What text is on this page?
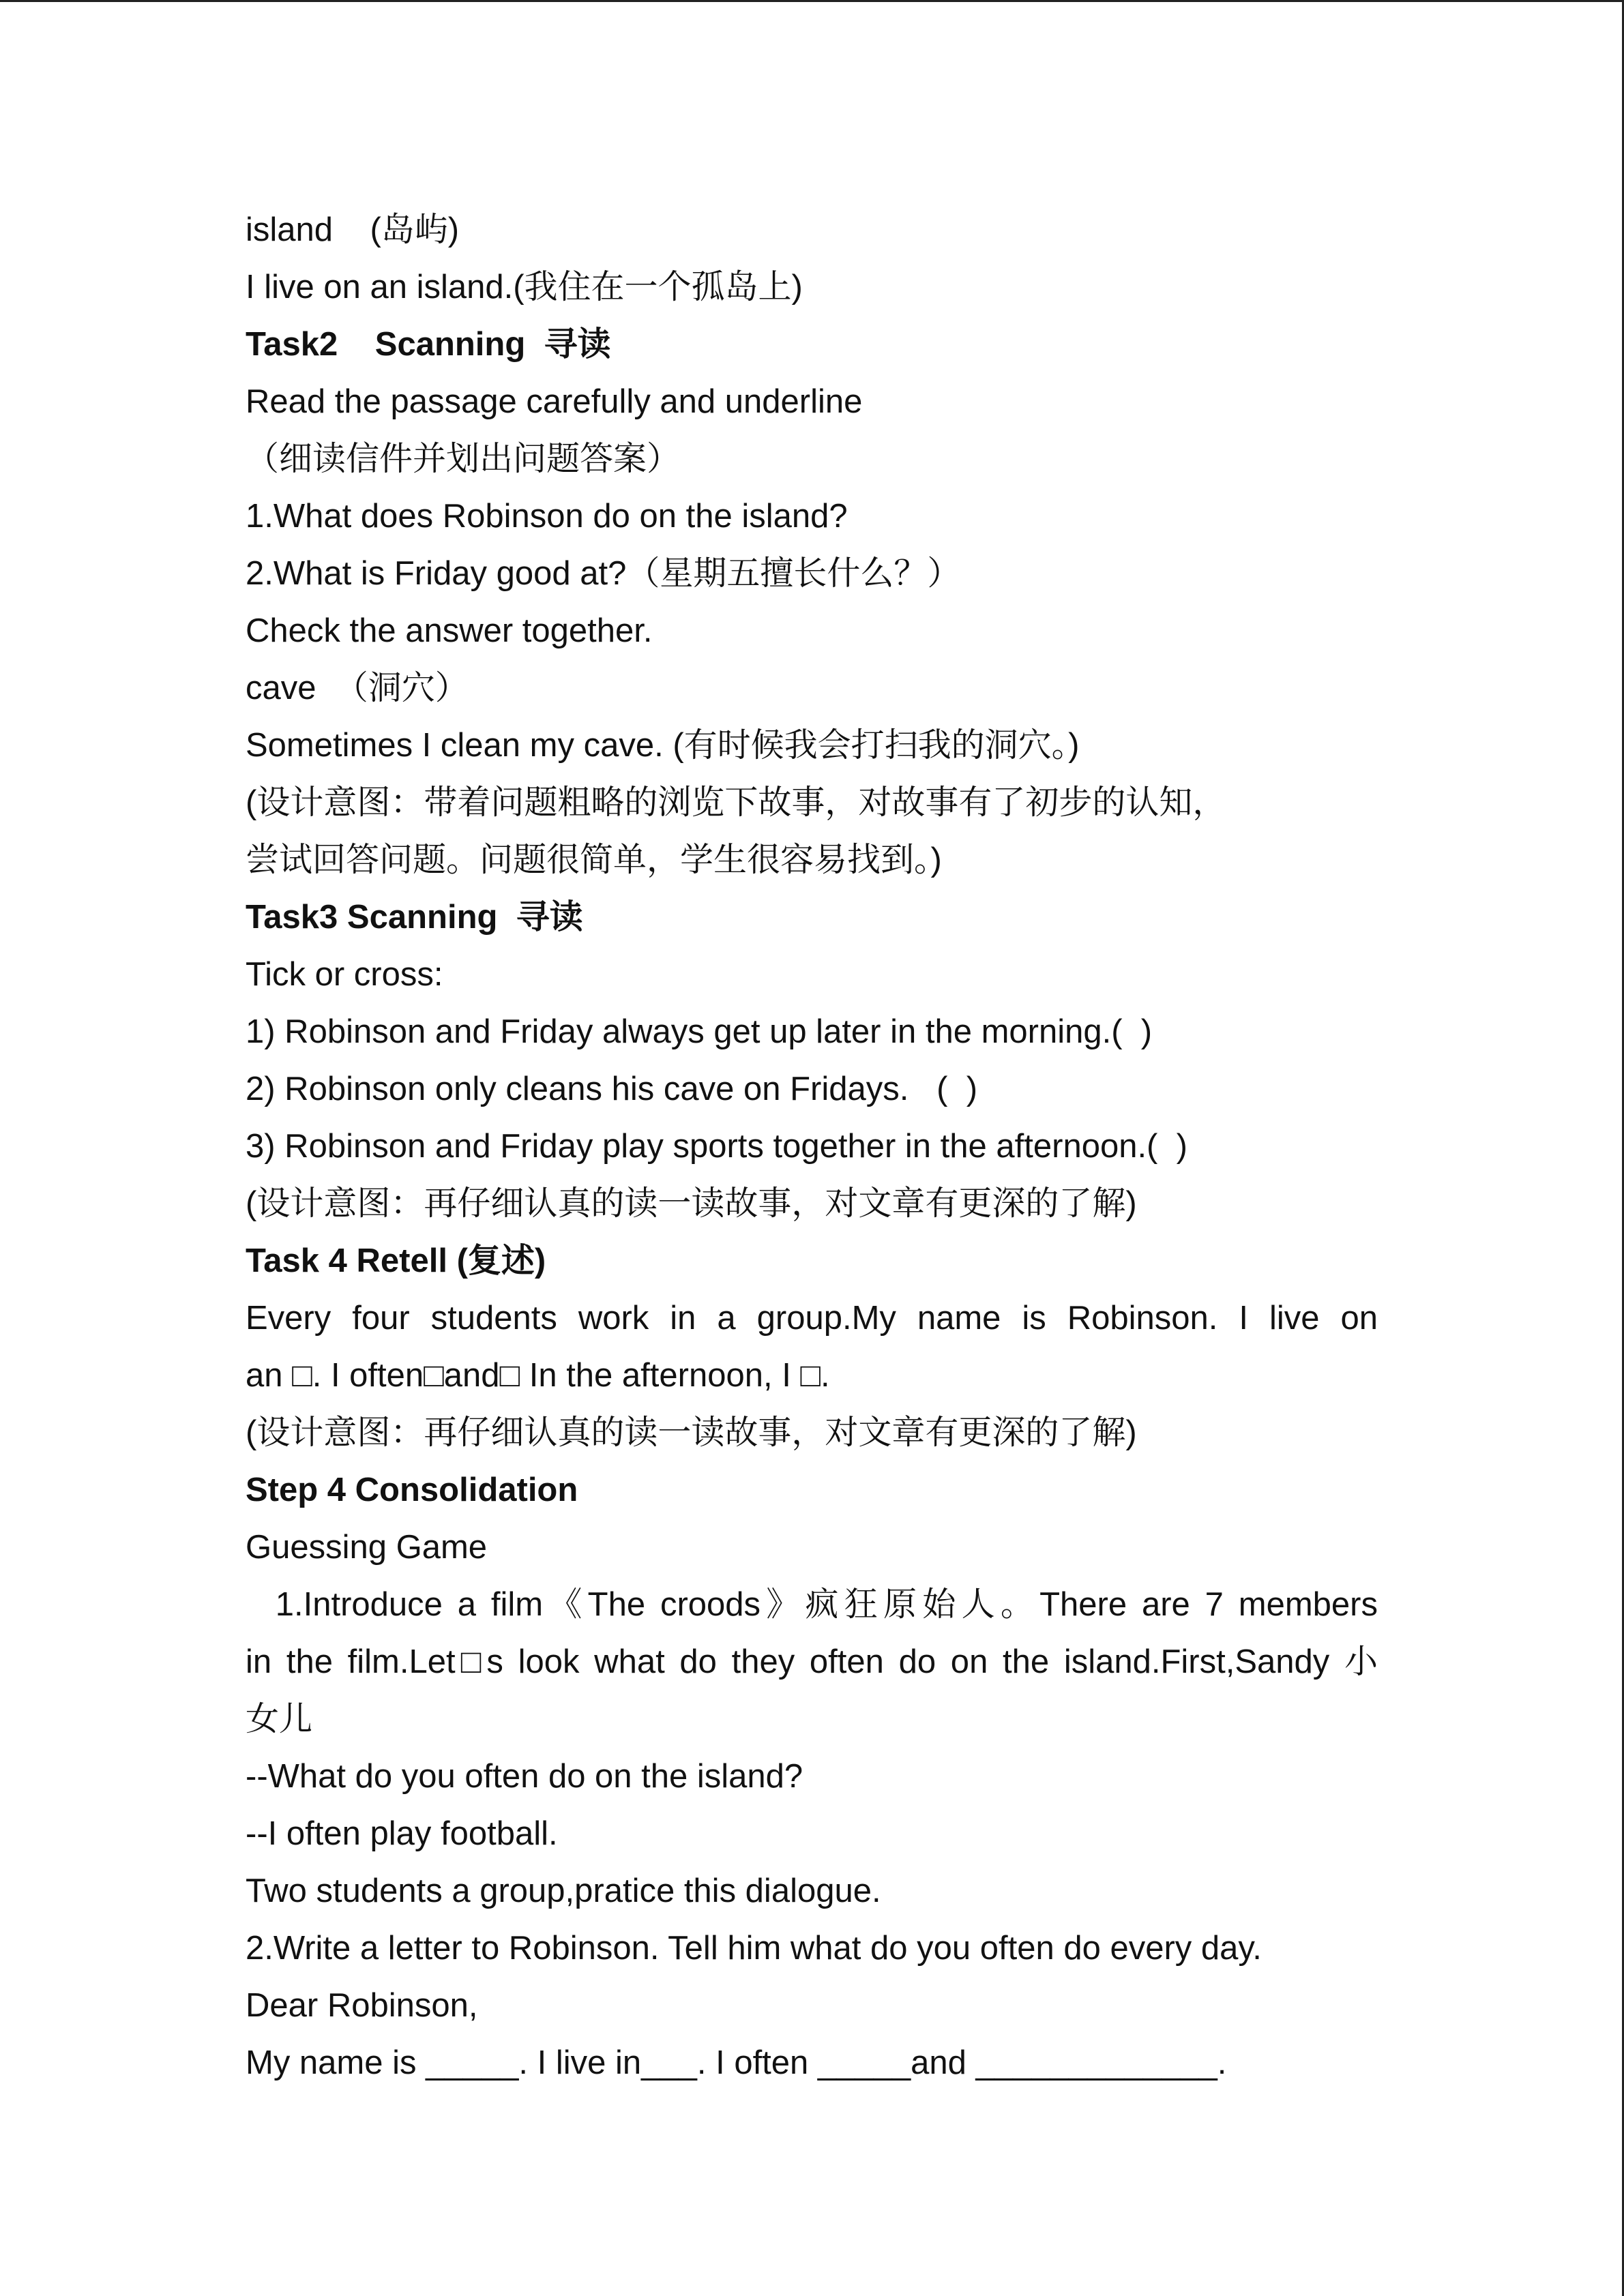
island    (岛屿)

I live on an island.(我住在一个孤岛上)

Task2    Scanning  寻读

Read the passage carefully and underline

（细读信件并划出问题答案）

1.What does Robinson do on the island?

2.What is Friday good at?（星期五擅长什么？）

Check the answer together.

cave  （洞穴）

Sometimes I clean my cave. (有时候我会打扫我的洞穴。)

(设计意图：带着问题粗略的浏览下故事，对故事有了初步的认知，

尝试回答问题。问题很简单，学生很容易找到。)

Task3 Scanning  寻读

Tick or cross:

1) Robinson and Friday always get up later in the morning.(  )

2) Robinson only cleans his cave on Fridays.   (  )

3) Robinson and Friday play sports together in the afternoon.(  )

(设计意图：再仔细认真的读一读故事，对文章有更深的了解)

Task 4 Retell (复述)

Every four students work in a group.My name is Robinson. I live on

an □. I often□and□ In the afternoon, I □.

(设计意图：再仔细认真的读一读故事，对文章有更深的了解)

Step 4 Consolidation

Guessing Game

1.Introduce a film《The croods》疯狂原始人。There are 7 members

in the film.Let□s look what do they often do on the island.First,Sandy 小

女儿

--What do you often do on the island?

--I often play football.

Two students a group,pratice this dialogue.

2.Write a letter to Robinson. Tell him what do you often do every day.

Dear Robinson,

My name is _____. I live in___. I often _____and _____________.
